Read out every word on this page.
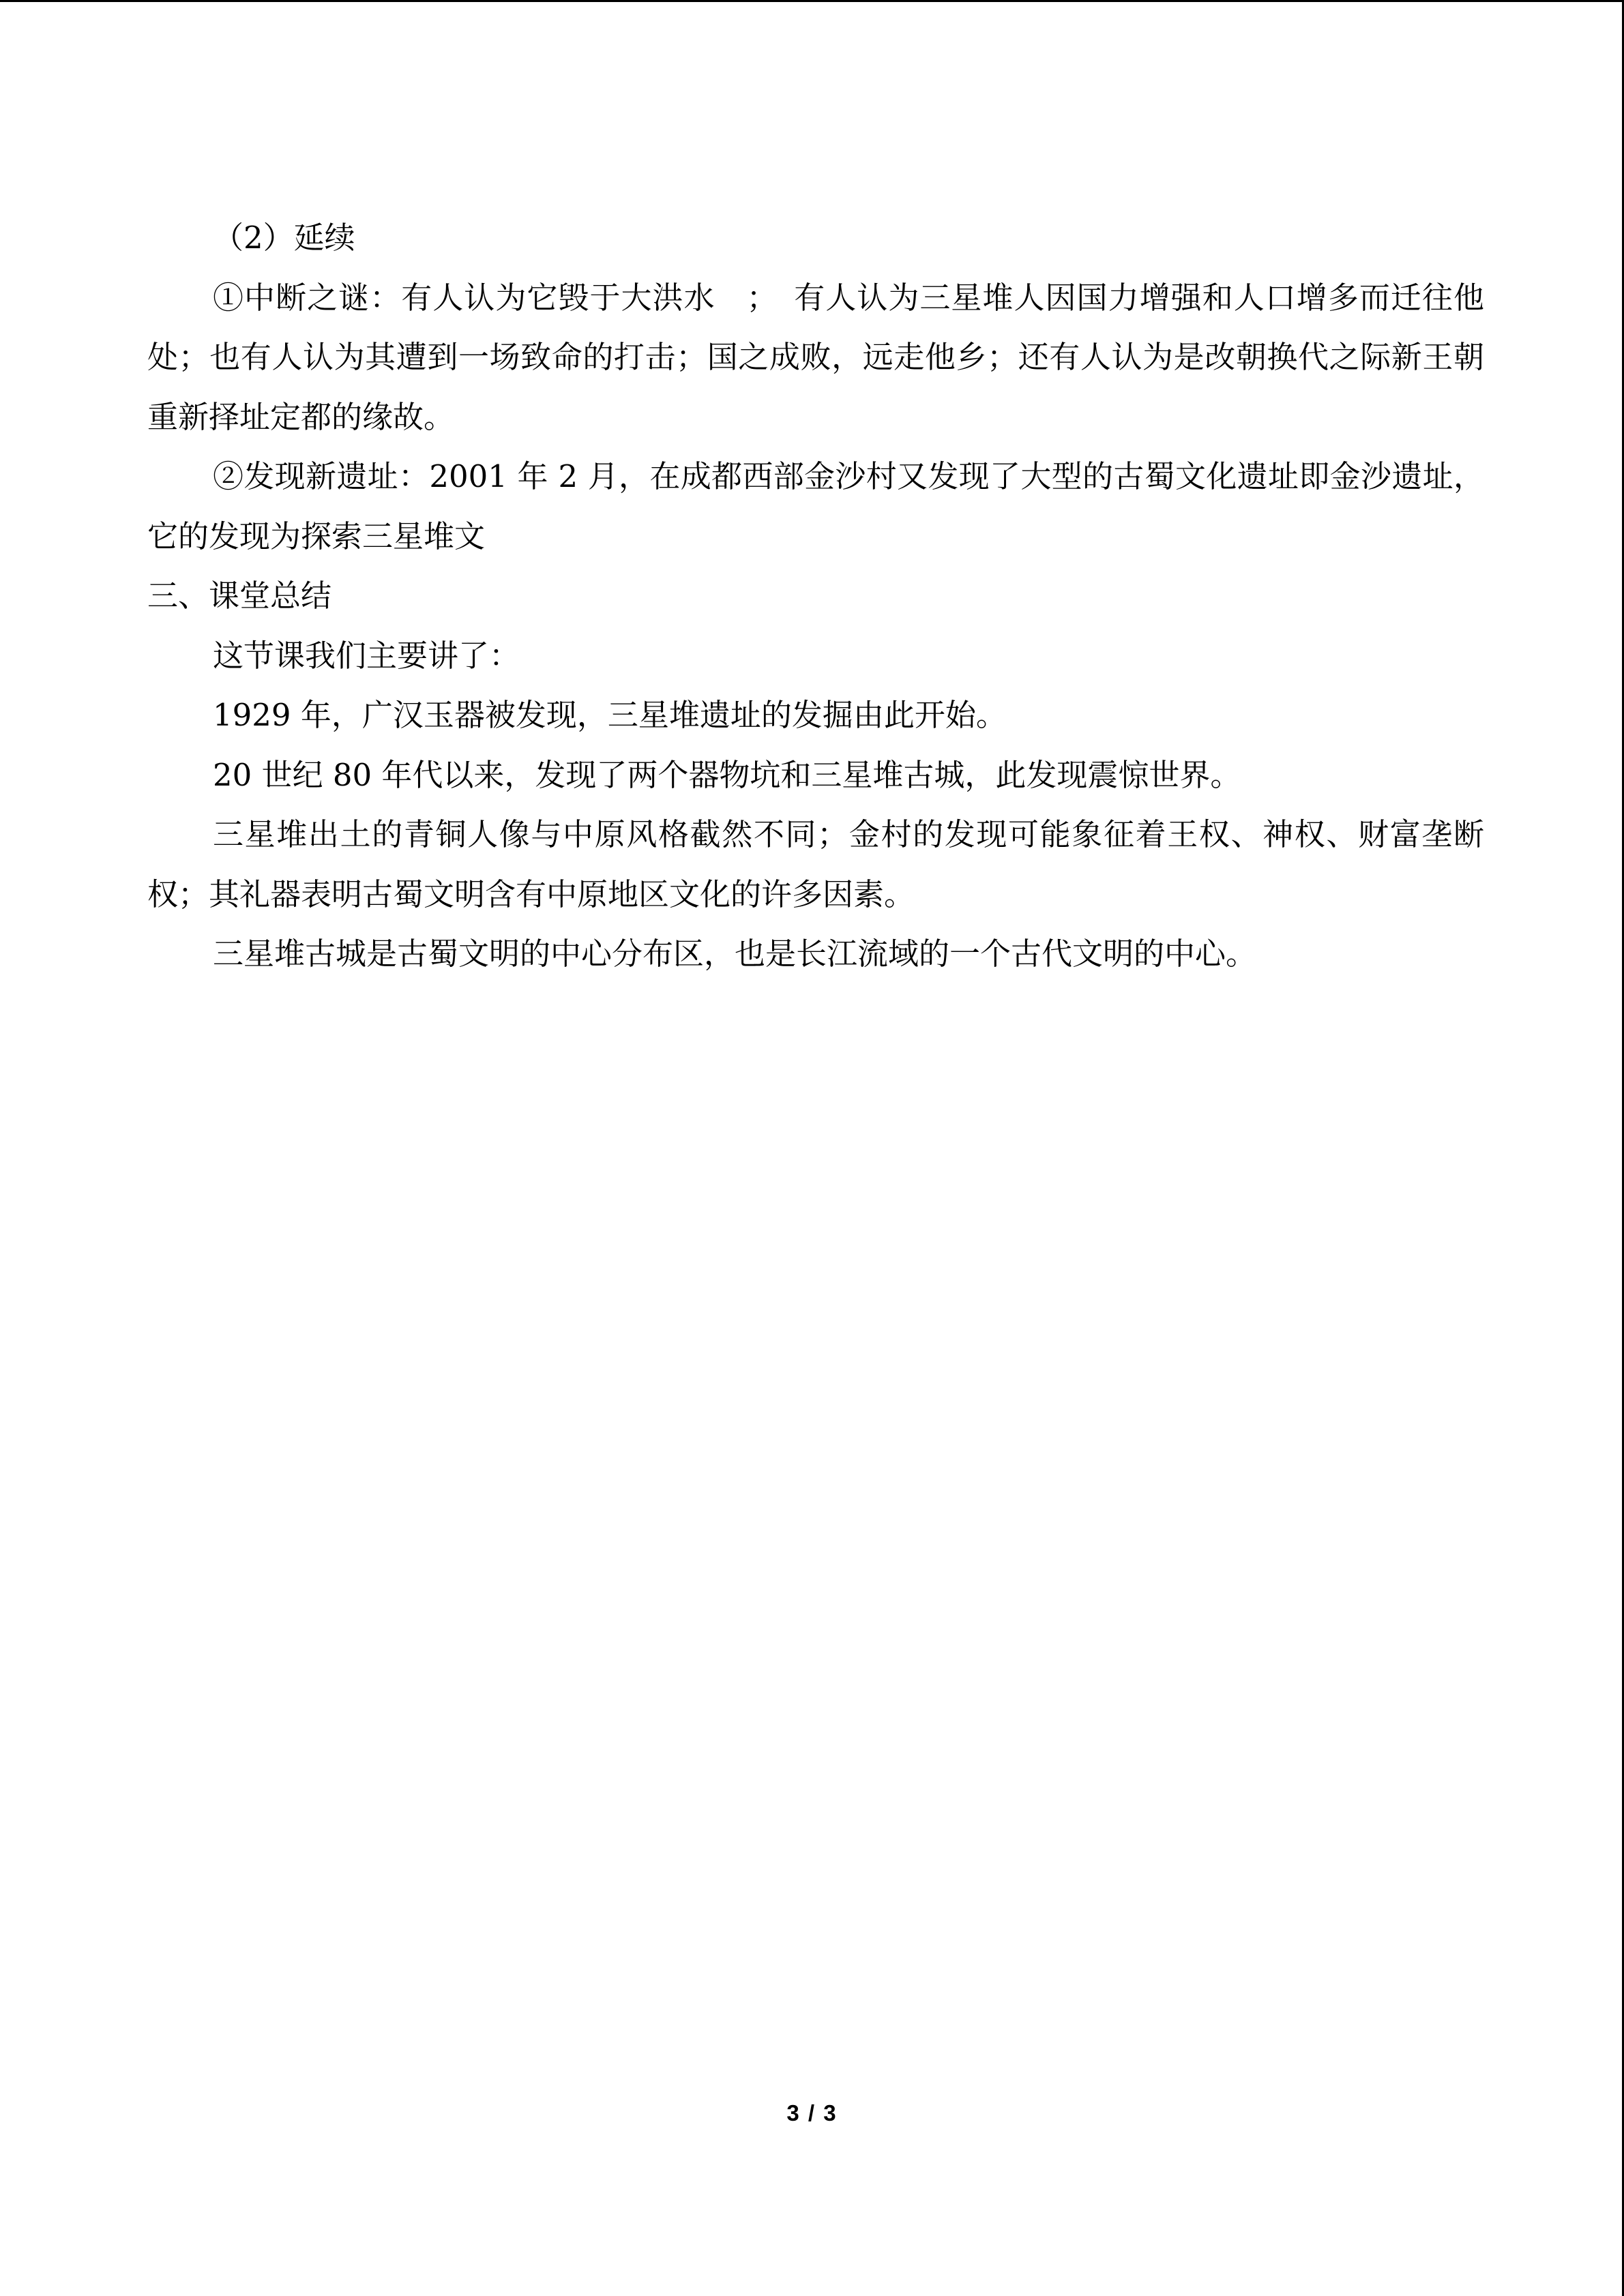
（2）延续

①中断之谜：有人认为它毁于大洪水　；　有人认为三星堆人因国力增强和人口增多而迁往他处；也有人认为其遭到一场致命的打击；国之成败，远走他乡；还有人认为是改朝换代之际新王朝重新择址定都的缘故。

②发现新遗址：2001 年 2 月，在成都西部金沙村又发现了大型的古蜀文化遗址即金沙遗址，它的发现为探索三星堆文

三、课堂总结

这节课我们主要讲了：

1929 年，广汉玉器被发现，三星堆遗址的发掘由此开始。

20 世纪 80 年代以来，发现了两个器物坑和三星堆古城，此发现震惊世界。

三星堆出土的青铜人像与中原风格截然不同；金村的发现可能象征着王权、神权、财富垄断权；其礼器表明古蜀文明含有中原地区文化的许多因素。

三星堆古城是古蜀文明的中心分布区，也是长江流域的一个古代文明的中心。

3 / 3
